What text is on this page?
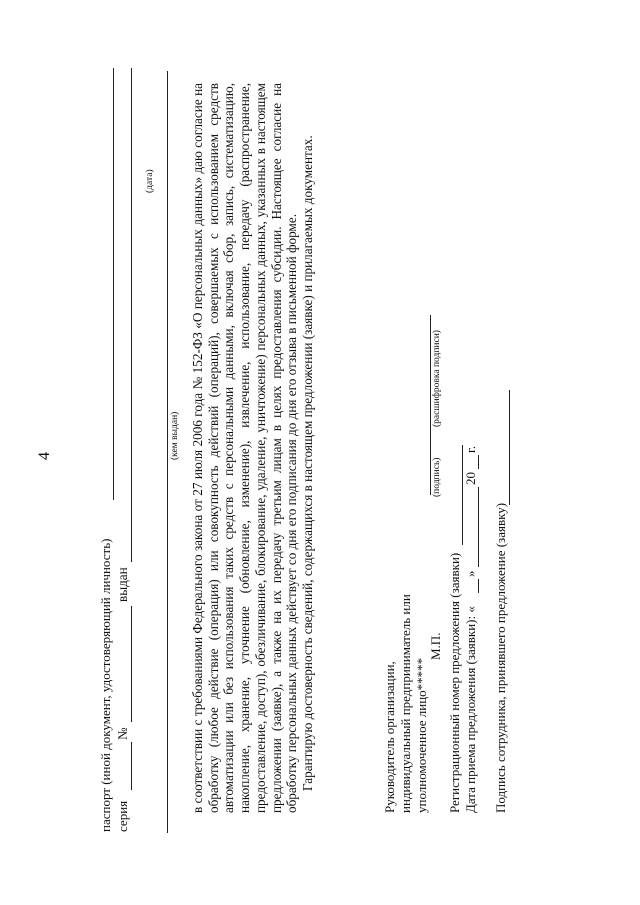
4
паспорт (иной документ, удостоверяющий личность) серия
№
выдан
(кем выдан)
(дата)	в соответствии с требованиями Федерального закона от 27 июля 2006 года № 152-ФЗ «О персональных данных» даю согласие на обработку (любое действие (операция) или совокупность действий (операций), совершаемых с использованием средств автоматизации или без использования таких средств с персональными данными, включая сбор, запись, систематизацию, накопление, хранение, уточнение (обновление, изменение), извлечение, использование, передачу (распространение, предоставление, доступ), обезличивание, блокирование, удаление, уничтожение) персональных данных, указанных в настоящем предложении (заявке), а также на их передачу третьим лицам в целях предоставления субсидии. Настоящее согласие на обработку персональных данных действует со дня его подписания до дня его отзыва в письменной форме. Гарантирую достоверность сведений, содержащихся в настоящем предложении (заявке) и прилагаемых документах.	Руководитель организации, индивидуальный предприниматель или уполномоченное лицо*****
(подпись)
(расшифровка подписи)
М.П. Регистрационный номер предложения (заявки) Дата приема предложения (заявки): «
»
20
г.
Подпись сотрудника, принявшего предложение (заявку)
